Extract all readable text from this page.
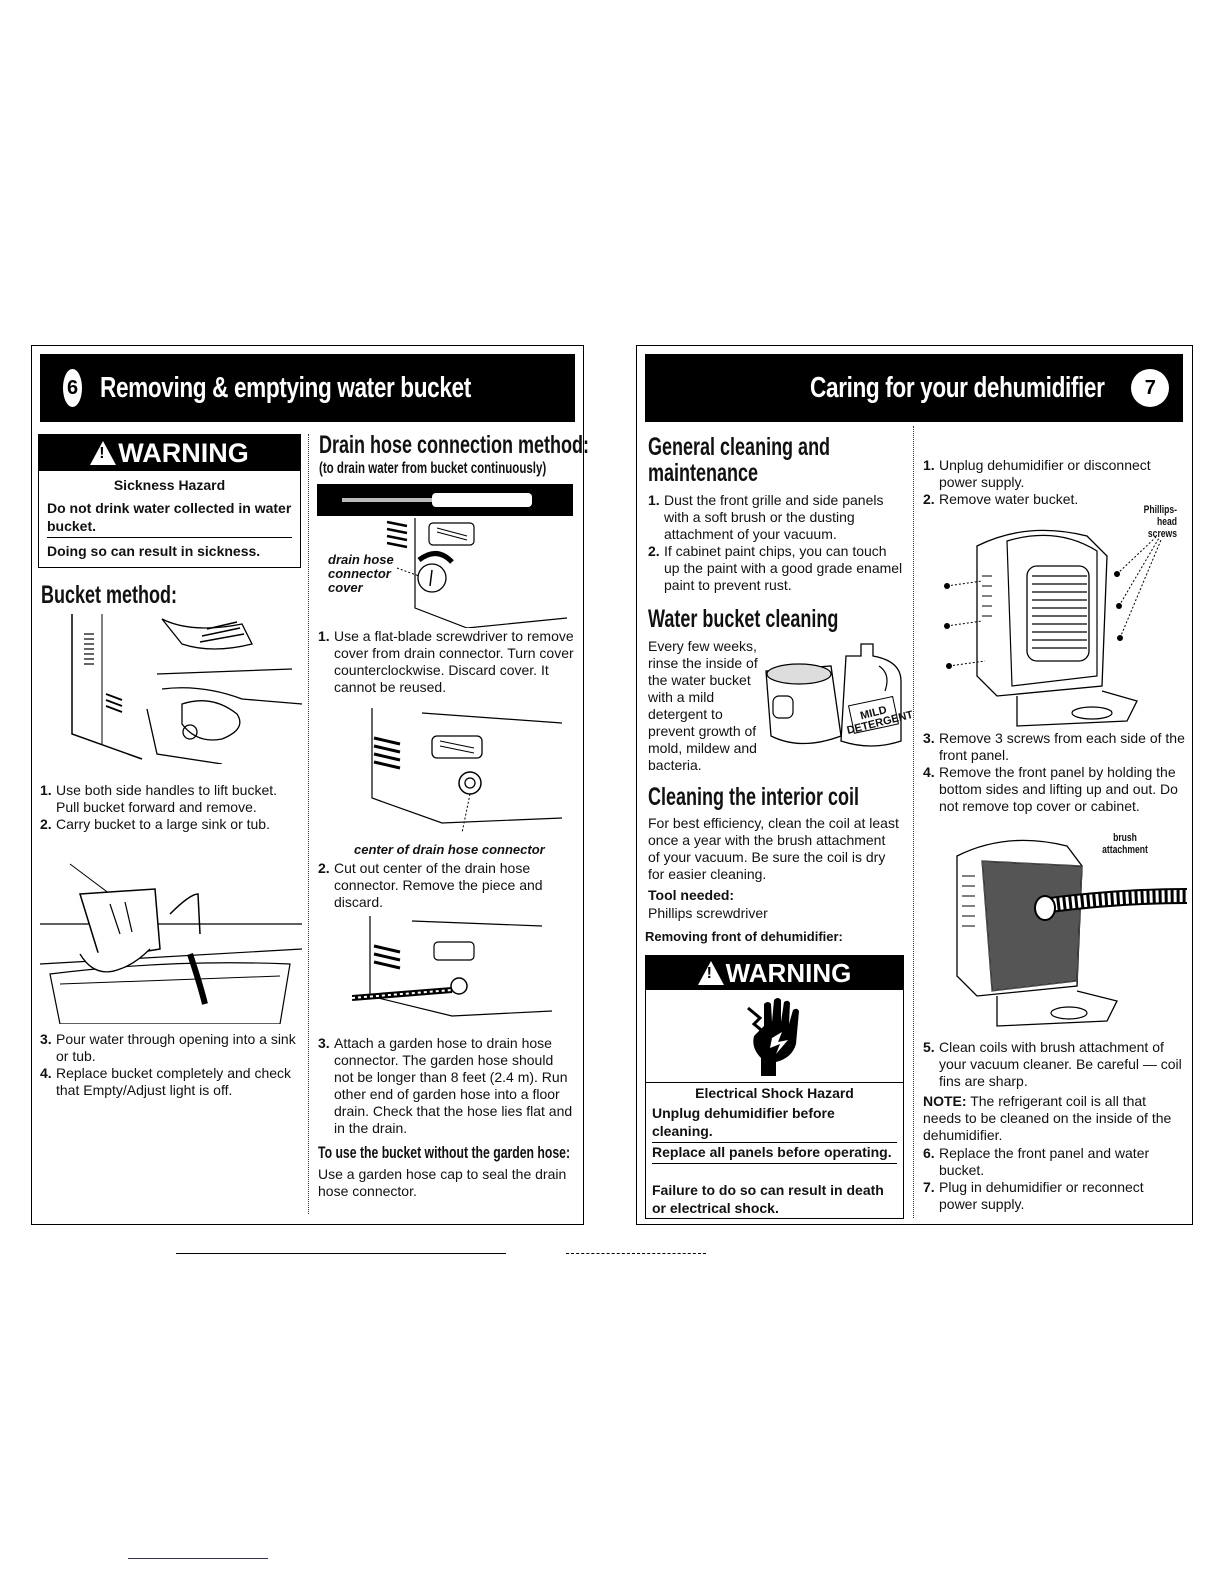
6 Removing & emptying water bucket
! WARNING
Sickness Hazard
Do not drink water collected in water bucket.
Doing so can result in sickness.
Bucket method:
1. Use both side handles to lift bucket. Pull bucket forward and remove.
2. Carry bucket to a large sink or tub.
3. Pour water through opening into a sink or tub.
4. Replace bucket completely and check that Empty/Adjust light is off.
Drain hose connection method:
(to drain water from bucket continuously)
drain hose
connector
cover
1. Use a flat-blade screwdriver to remove cover from drain connector. Turn cover counterclockwise. Discard cover. It cannot be reused.
center of drain hose connector
2. Cut out center of the drain hose connector. Remove the piece and discard.
3. Attach a garden hose to drain hose connector. The garden hose should not be longer than 8 feet (2.4 m). Run other end of garden hose into a floor drain. Check that the hose lies flat and in the drain.
To use the bucket without the garden hose:
Use a garden hose cap to seal the drain hose connector.
Caring for your dehumidifier 7
General cleaning and
maintenance
1. Dust the front grille and side panels with a soft brush or the dusting attachment of your vacuum.
2. If cabinet paint chips, you can touch up the paint with a good grade enamel paint to prevent rust.
Water bucket cleaning
Every few weeks, rinse the inside of the water bucket with a mild detergent to prevent growth of mold, mildew and bacteria.
MILD DETERGENT
Cleaning the interior coil
For best efficiency, clean the coil at least once a year with the brush attachment of your vacuum. Be sure the coil is dry for easier cleaning.
Tool needed:
Phillips screwdriver
Removing front of dehumidifier:
! WARNING
Electrical Shock Hazard
Unplug dehumidifier before cleaning.
Replace all panels before operating.
Failure to do so can result in death or electrical shock.
1. Unplug dehumidifier or disconnect power supply.
2. Remove water bucket.
Phillips-head
screws
3. Remove 3 screws from each side of the front panel.
4. Remove the front panel by holding the bottom sides and lifting up and out. Do not remove top cover or cabinet.
brush
attachment
5. Clean coils with brush attachment of your vacuum cleaner. Be careful — coil fins are sharp.
NOTE: The refrigerant coil is all that needs to be cleaned on the inside of the dehumidifier.
6. Replace the front panel and water bucket.
7. Plug in dehumidifier or reconnect power supply.
